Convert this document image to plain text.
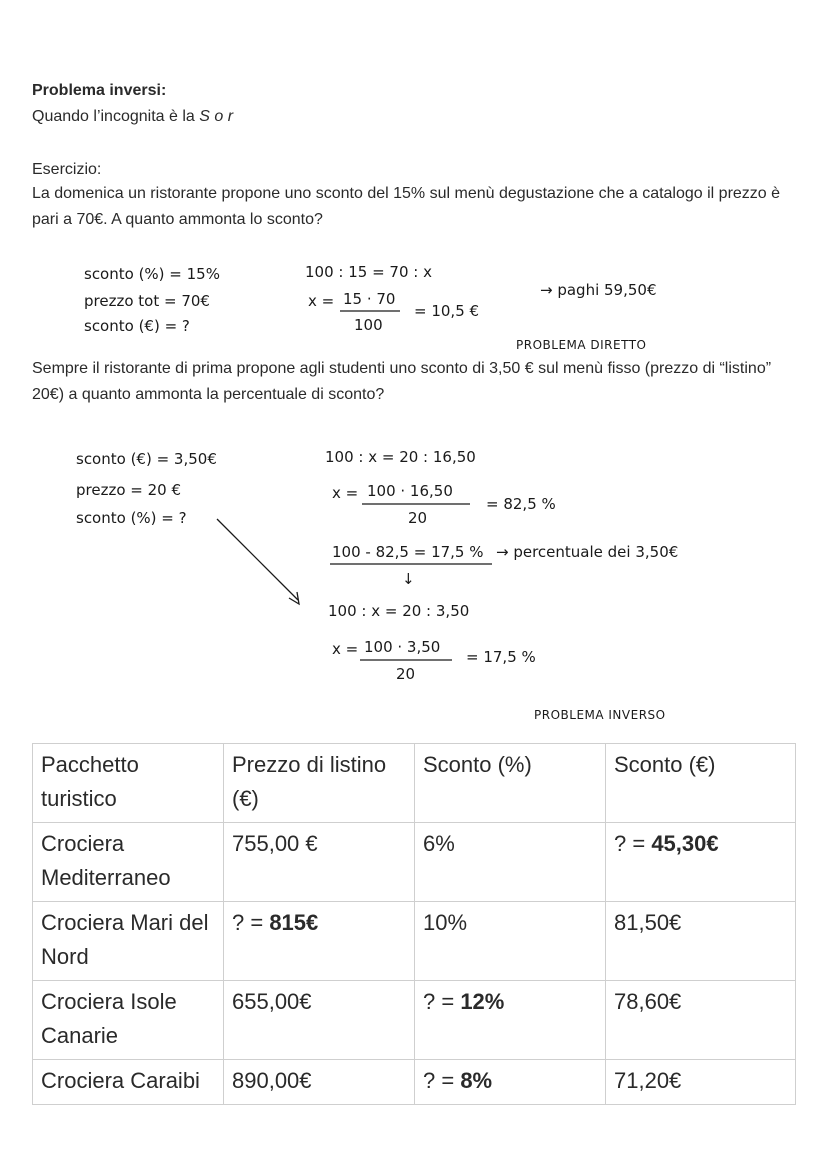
Problema inversi:

Quando l’incognita è la S o r

Esercizio:

La domenica un ristorante propone uno sconto del 15% sul menù degustazione che a catalogo il prezzo è pari a 70€. A quanto ammonta lo sconto?

Sempre il ristorante di prima propone agli studenti uno sconto di 3,50 € sul menù fisso (prezzo di “listino” 20€) a quanto ammonta la percentuale di sconto?

sconto (%) = 15%
prezzo tot = 70€
sconto (€) = ?
100 : 15 = 70 : x
x = 15 · 70
100
= 10,5 €
→ paghi 59,50€
PROBLEMA DIRETTO
sconto (€) = 3,50€
prezzo = 20 €
sconto (%) = ?
100 : x = 20 : 16,50
x = 100 · 16,50
20
= 82,5 %
100 - 82,5 = 17,5 % → percentuale dei 3,50€
↓
100 : x = 20 : 3,50
x = 100 · 3,50
20
= 17,5 %
PROBLEMA INVERSO
Pacchetto turistico	Prezzo di listino (€)	Sconto (%)	Sconto (€)
Crociera Mediterraneo	755,00 €	6%	? = 45,30€
Crociera Mari del Nord	? = 815€	10%	81,50€
Crociera Isole Canarie	655,00€	? = 12%	78,60€
Crociera Caraibi	890,00€	? = 8%	71,20€
